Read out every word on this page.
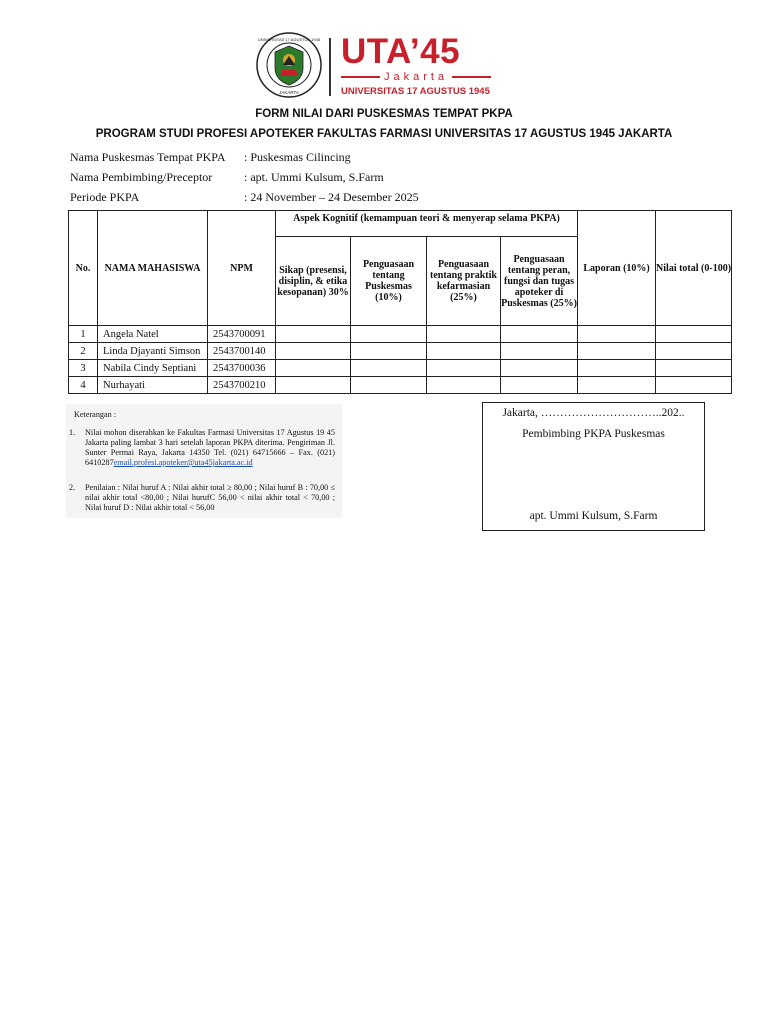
UNIVERSITAS 17 AGUSTUS 1945
JAKARTA
UTA’45
Jakarta
UNIVERSITAS 17 AGUSTUS 1945
FORM NILAI DARI PUSKESMAS TEMPAT PKPA
PROGRAM STUDI PROFESI APOTEKER FAKULTAS FARMASI UNIVERSITAS 17 AGUSTUS 1945 JAKARTA
Nama Puskesmas Tempat PKPA : Puskesmas Cilincing
Nama Pembimbing/Preceptor	: apt. Ummi Kulsum, S.Farm
Periode PKPA	: 24 November – 24 Desember 2025
No.	NAMA MAHASISWA	NPM	Aspek Kognitif (kemampuan teori & menyerap selama PKPA)				Laporan (10%)	Nilai total (0-100)
			Sikap (presensi, disiplin, & etika kesopanan) 30%	Penguasaan tentang Puskesmas (10%)	Penguasaan tentang praktik kefarmasian (25%)	Penguasaan tentang peran, fungsi dan tugas apoteker di Puskesmas (25%)		
1	Angela Natel	2543700091						
2	Linda Djayanti Simson	2543700140						
3	Nabila Cindy Septiani	2543700036						
4	Nurhayati	2543700210						
Keterangan :
1.	Nilai mohon diserahkan ke Fakultas Farmasi Universitas 17 Agustus 19 45 Jakarta paling lambat 3 hari setelah laporan PKPA diterima. Pengiriman Jl. Sunter Permai Raya, Jakarta 14350 Tel. (021) 64715666 – Fax. (021) 6410287email.profesi.apoteker@uta45jakarta.ac.id
2.	Penilaian : Nilai huruf A : Nilai akhir total ≥ 80,00 ; Nilai huruf B : 70,00 ≤ nilai akhir total <80,00 ; Nilai hurufC 56,00 < nilai akhir total < 70,00 ; Nilai huruf D : Nilai akhir total < 56,00
Jakarta, …………………………..202..
Pembimbing PKPA Puskesmas
apt. Ummi Kulsum, S.Farm
